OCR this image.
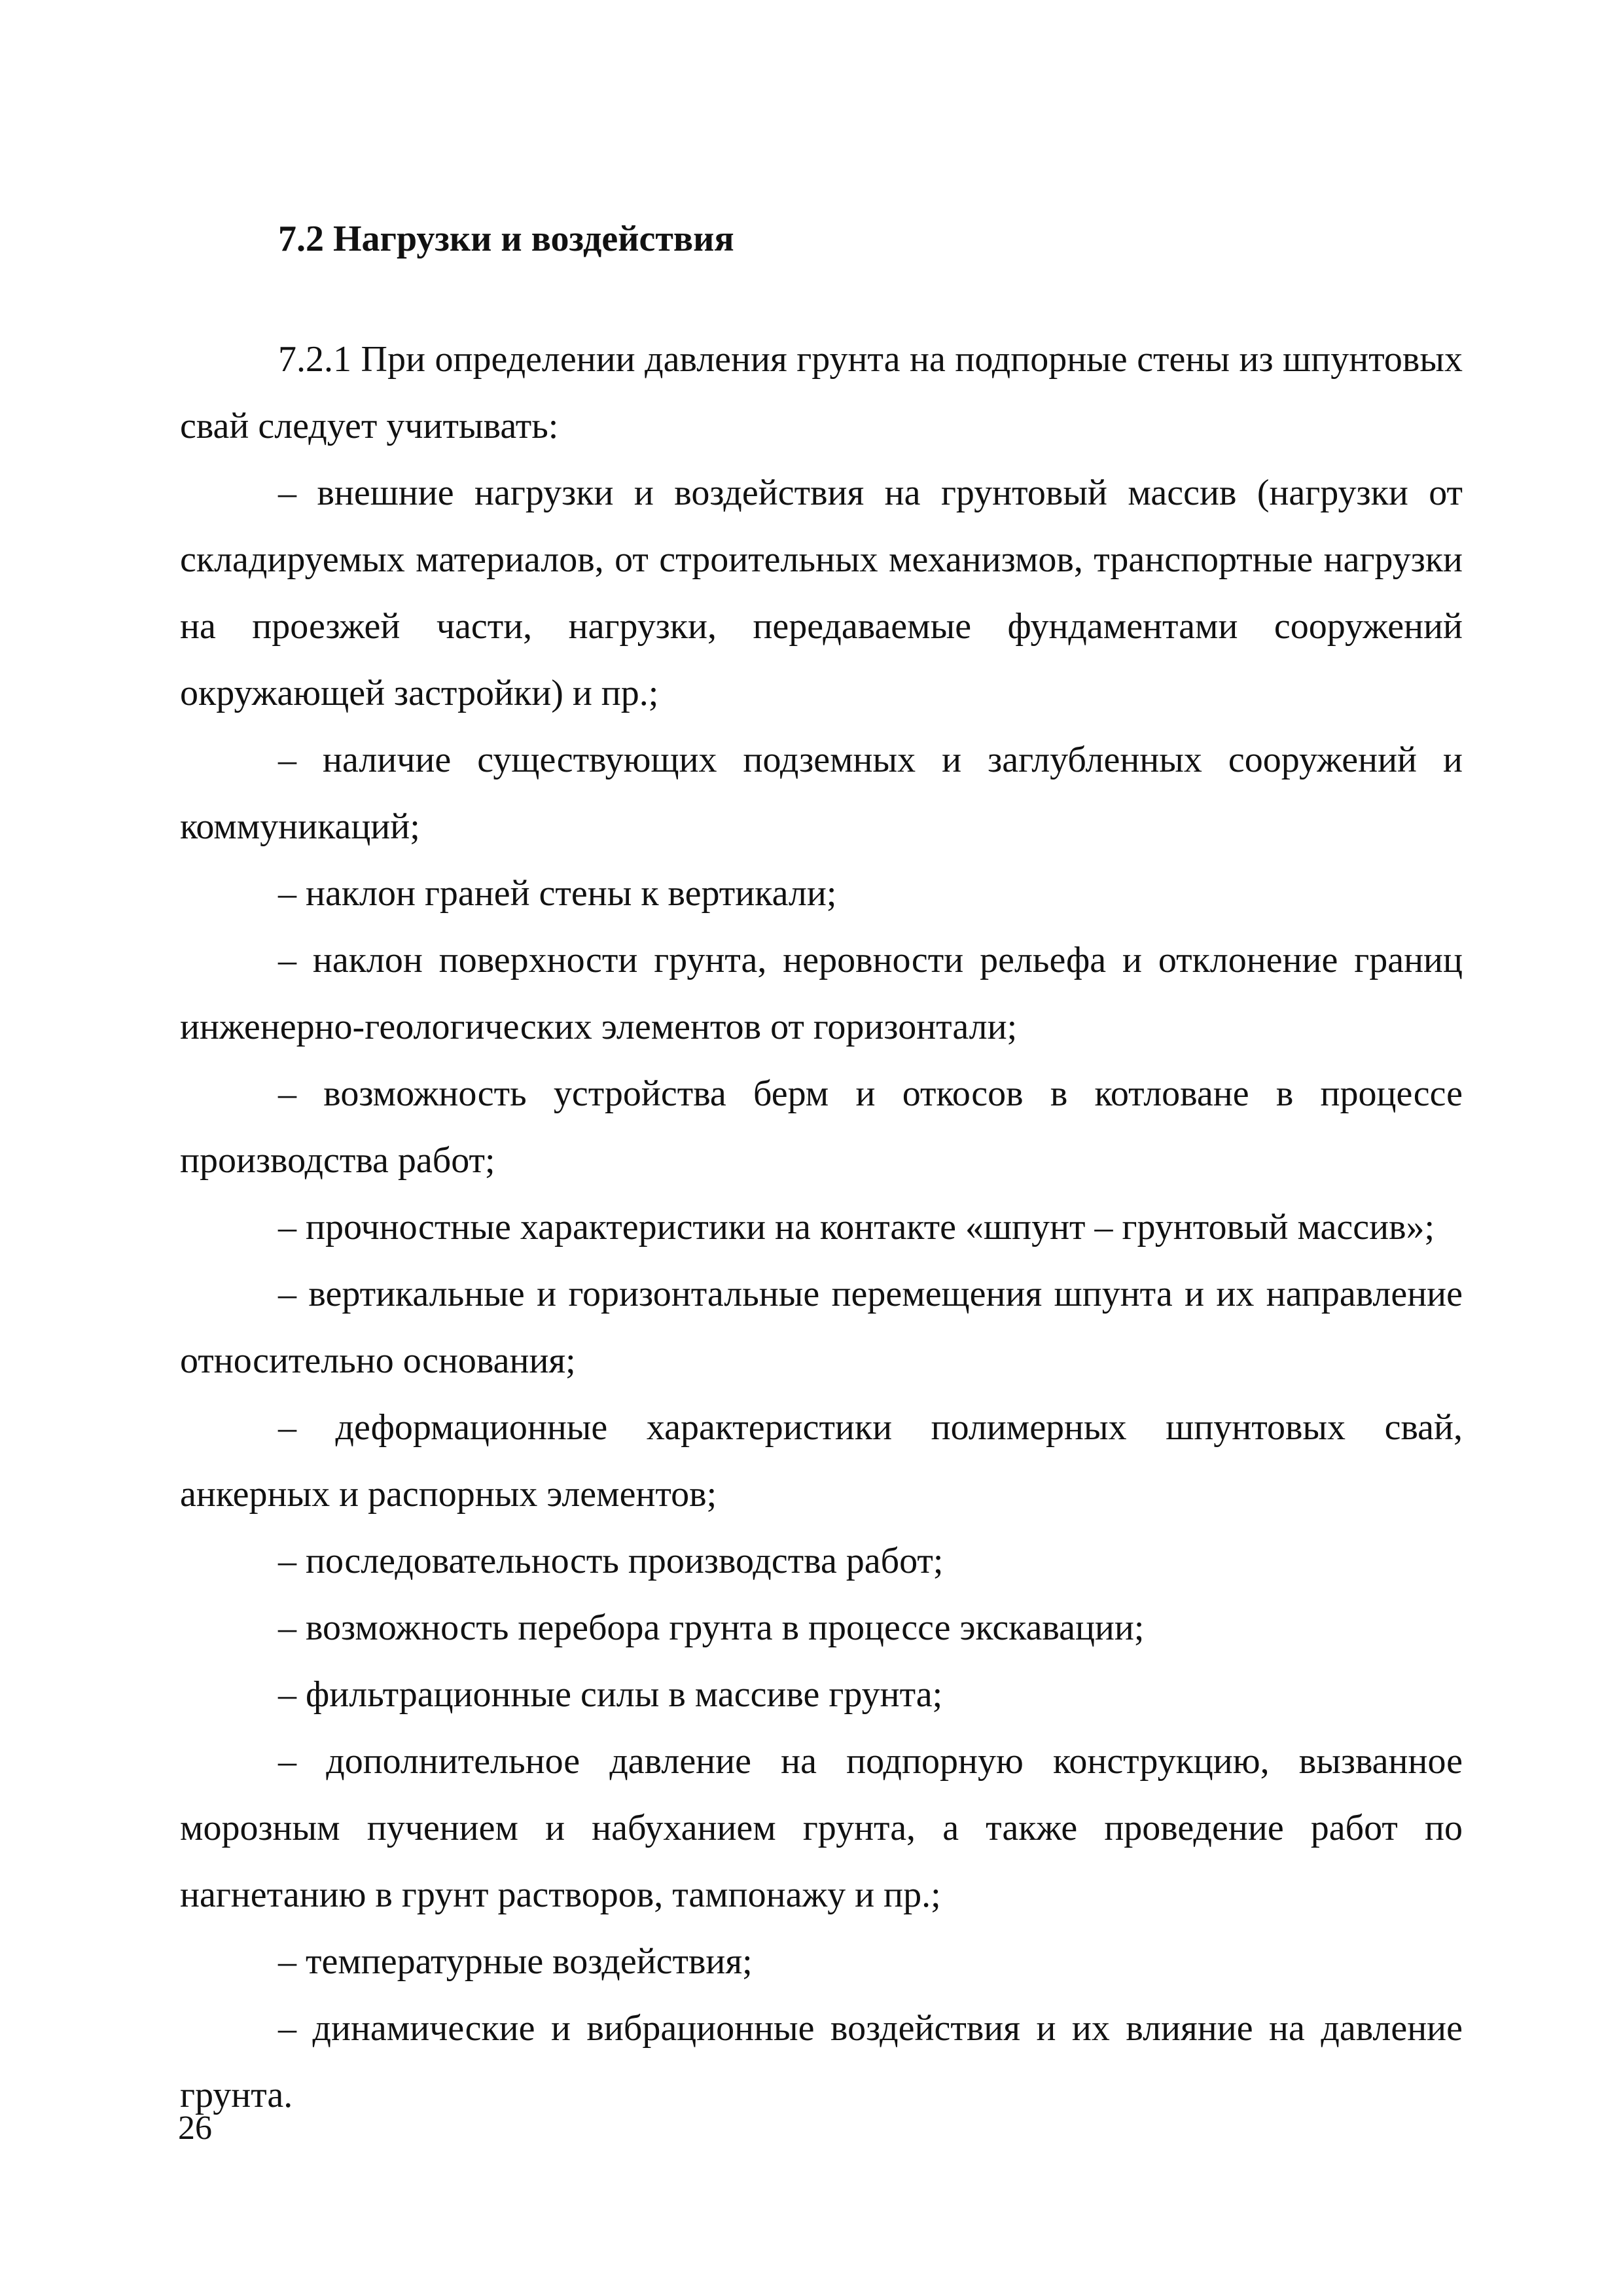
7.2 Нагрузки и воздействия

7.2.1 При определении давления грунта на подпорные стены из шпунтовых свай следует учитывать:

– внешние нагрузки и воздействия на грунтовый массив (нагрузки от складируемых материалов, от строительных механизмов, транспортные нагрузки на проезжей части, нагрузки, передаваемые фундаментами сооружений окружающей застройки) и пр.;

– наличие существующих подземных и заглубленных сооружений и коммуникаций;

– наклон граней стены к вертикали;

– наклон поверхности грунта, неровности рельефа и отклонение границ инженерно-геологических элементов от горизонтали;

– возможность устройства берм и откосов в котловане в процессе производства работ;

– прочностные характеристики на контакте «шпунт – грунтовый массив»;

– вертикальные и горизонтальные перемещения шпунта и их направление относительно основания;

– деформационные характеристики полимерных шпунтовых свай, анкерных и распорных элементов;

– последовательность производства работ;

– возможность перебора грунта в процессе экскавации;

– фильтрационные силы в массиве грунта;

– дополнительное давление на подпорную конструкцию, вызванное морозным пучением и набуханием грунта, а также проведение работ по нагнетанию в грунт растворов, тампонажу и пр.;

– температурные воздействия;

– динамические и вибрационные воздействия и их влияние на давление грунта.

26
